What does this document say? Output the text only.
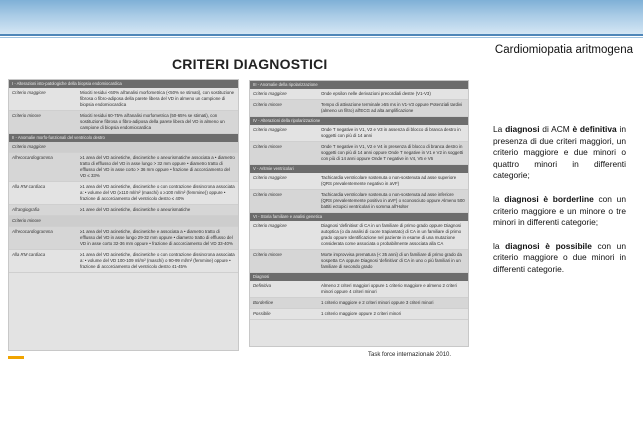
Cardiomiopatia aritmogena
CRITERI DIAGNOSTICI
I - Alterazioni isto-patologiche della biopsia endomiocardica
Criterio maggiore	Miociti residui <60% all'analisi morfometrica (<50% se stimati), con sostituzione fibrosa o fibro-adiposa della parete libera del VD in almeno un campione di biopsia endomiocardica
Criterio minore	Miociti residui 60-75% all'analisi morfometrica (50-65% se stimati), con sostituzione fibrosa o fibro-adiposa della parete libera del VD in almeno un campione di biopsia endomiocardica
II - Anomalie morfo-funzionali del ventricolo destro
Criterio maggiore
All'ecocardiogramma	≥1 area del VD acinetiche, discinetiche o aneurismatiche associata a • diametro tratto di efflusso del VD in asse lungo > 32 mm oppure • diametro tratto di efflusso del VD in asse corto > 36 mm oppure • frazione di accorciamento del VD ≤ 33%
Alla RM cardiaca	≥1 area del VD acinetiche, discinetiche o con contrazione dissincrona associata a: • volume del VD (≥110 ml/m² (maschi) o ≥100 ml/m² (femmine)) oppure • frazione di accorciamento del ventricolo destro ≤ 40%
All'angiografia	≥1 aree del VD acinetiche, discinetiche o aneurismatiche
Criterio minore
All'ecocardiogramma	≥1 area del VD acinetiche, discinetiche e associata a • diametro tratto di efflusso del VD in asse lungo 29-32 mm oppure • diametro tratto di efflusso del VD in asse corto 32-36 mm oppure • frazione di accorciamento del VD 33-40%
Alla RM cardiaca	≥1 area del VD acinetiche, discinetiche o con contrazione dissincrona associata a: • volume del VD 100-109 ml/m² (maschi) o 90-99 ml/m² (femmine) oppure • frazione di accorciamento del ventricolo destro 41-45%
III - Anomalie della ripolarizzazione
Criterio maggiore	Onde epsilon nelle derivazioni precordiali destre (V1-V3)
Criterio minore	Tempo di attivazione terminale ≥55 ms in V1-V3 oppure Potenziali tardivi (almeno un filtro) all'ECG ad alta amplificazione
IV - Alterazioni della ripolarizzazione
Criterio maggiore	Onde T negative in V1, V2 e V3 in assenza di blocco di branca destro in soggetti con più di 14 anni
Criterio minore	Onde T negative in V1, V2 e V4 in presenza di blocco di branca destro in soggetti con più di 14 anni oppure Onde T negative in V1 e V2 in soggetti con più di 14 anni oppure Onde T negative in V4, V5 e V6
V - Aritmie ventricolari
Criterio maggiore	Tachicardia ventricolare sostenuta o non-sostenuta ad asse superiore (QRS prevalentemente negativo in aVF)
Criterio minore	Tachicardia ventricolare sostenuta o non-sostenuta ad asse inferiore (QRS prevalentemente positivo in aVF) o sconosciuto oppure Almeno 500 battiti ectopici ventricolari in somma all'Holter
VI - Storia familiare e analisi genetica
Criterio maggiore	Diagnosi 'definitiva' di CA in un familiare di primo grado oppure Diagnosi autoptica (o da analisi di cuore trapiantato) di CA in un familiare di primo grado oppure Identificazione nel paziente in esame di una mutazione considerata come associata o probabilmente associata alla CA
Criterio minore	Morte improvvisa prematura (< 35 anni) di un familiare di primo grado da sospetta CA oppure Diagnosi 'definitiva' di CA in uno o più familiari in un familiare di secondo grado
Diagnosi
Definitiva	Almeno 2 criteri maggiori oppure 1 criterio maggiore e almeno 2 criteri minori oppure 4 criteri minori
Borderline	1 criterio maggiore e 2 criteri minori oppure 3 criteri minori
Possibile	1 criterio maggiore oppure 2 criteri minori
Task force internazionale 2010.

La diagnosi di ACM è definitiva in presenza di due criteri maggiori, un criterio maggiore e due minori o quattro minori in differenti categorie;

la diagnosi è borderline con un criterio maggiore e un minore o tre minori in differenti categorie;

la diagnosi è possibile con un criterio maggiore o due minori in differenti categorie.
